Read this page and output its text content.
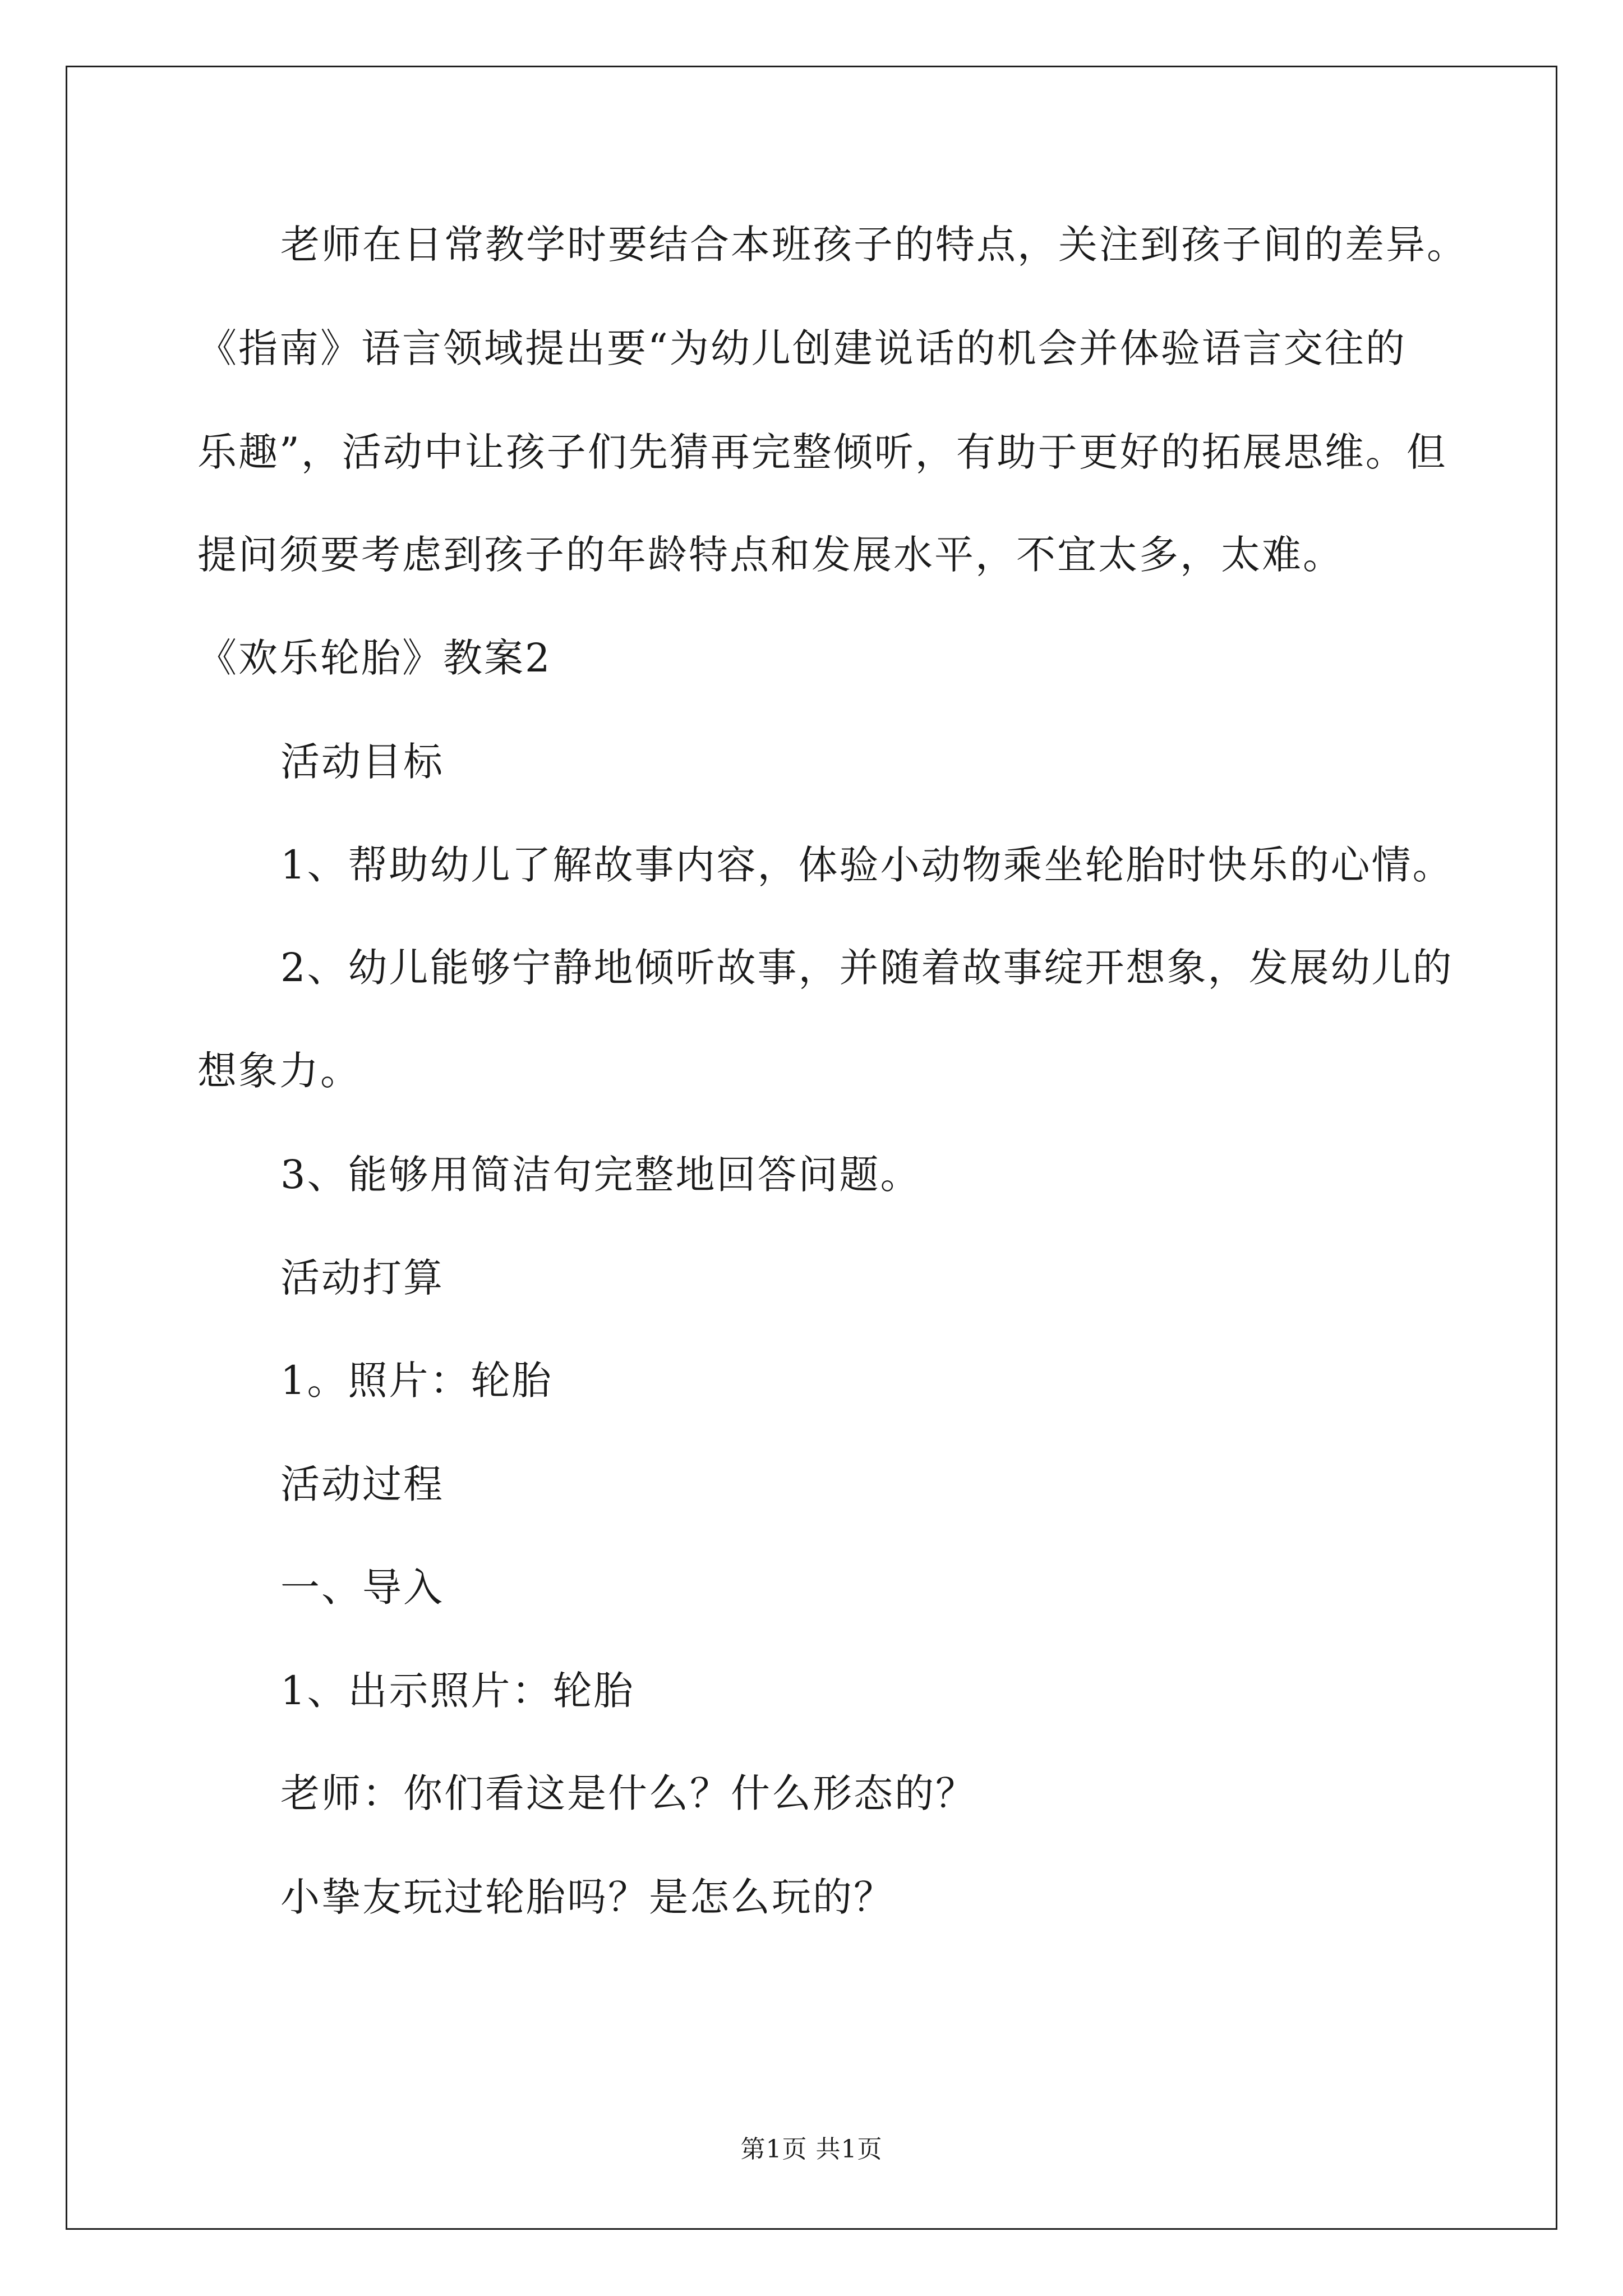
老师在日常教学时要结合本班孩子的特点，关注到孩子间的差异。
《指南》语言领域提出要“为幼儿创建说话的机会并体验语言交往的
乐趣”，活动中让孩子们先猜再完整倾听，有助于更好的拓展思维。但
提问须要考虑到孩子的年龄特点和发展水平，不宜太多，太难。
《欢乐轮胎》教案2
活动目标
1、帮助幼儿了解故事内容，体验小动物乘坐轮胎时快乐的心情。
2、幼儿能够宁静地倾听故事，并随着故事绽开想象，发展幼儿的
想象力。
3、能够用简洁句完整地回答问题。
活动打算
1。照片：轮胎
活动过程
一、导入
1、出示照片：轮胎
老师：你们看这是什么？什么形态的？
小挚友玩过轮胎吗？是怎么玩的？
第1页 共1页
